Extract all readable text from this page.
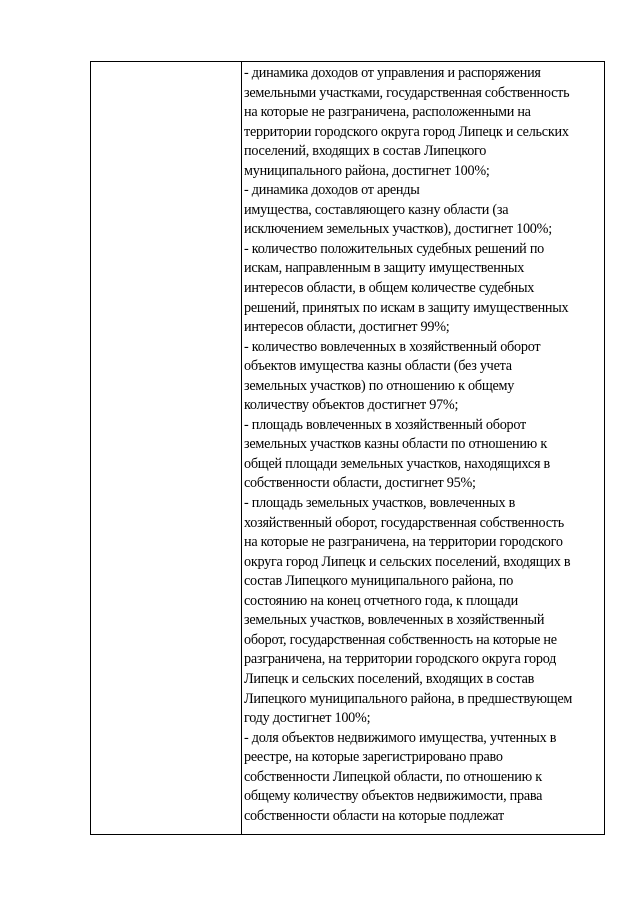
- динамика доходов от управления и распоряжения
земельными участками, государственная собственность
на которые не разграничена, расположенными на
территории городского округа город Липецк и сельских
поселений, входящих в состав Липецкого
муниципального района, достигнет 100%;
- динамика доходов от аренды
имущества, составляющего казну области (за
исключением земельных участков), достигнет 100%;
- количество положительных судебных решений по
искам, направленным в защиту имущественных
интересов области, в общем количестве судебных
решений, принятых по искам в защиту имущественных
интересов области, достигнет 99%;
- количество вовлеченных в хозяйственный оборот
объектов имущества казны области (без учета
земельных участков) по отношению к общему
количеству объектов достигнет 97%;
- площадь вовлеченных в хозяйственный оборот
земельных участков казны области по отношению к
общей площади земельных участков, находящихся в
собственности области, достигнет 95%;
- площадь земельных участков, вовлеченных в
хозяйственный оборот, государственная собственность
на которые не разграничена, на территории городского
округа город Липецк и сельских поселений, входящих в
состав Липецкого муниципального района, по
состоянию на конец отчетного года, к площади
земельных участков, вовлеченных в хозяйственный
оборот, государственная собственность на которые не
разграничена, на территории городского округа город
Липецк и сельских поселений, входящих в состав
Липецкого муниципального района, в предшествующем
году достигнет 100%;
- доля объектов недвижимого имущества, учтенных в
реестре, на которые зарегистрировано право
собственности Липецкой области, по отношению к
общему количеству объектов недвижимости, права
собственности области на которые подлежат
